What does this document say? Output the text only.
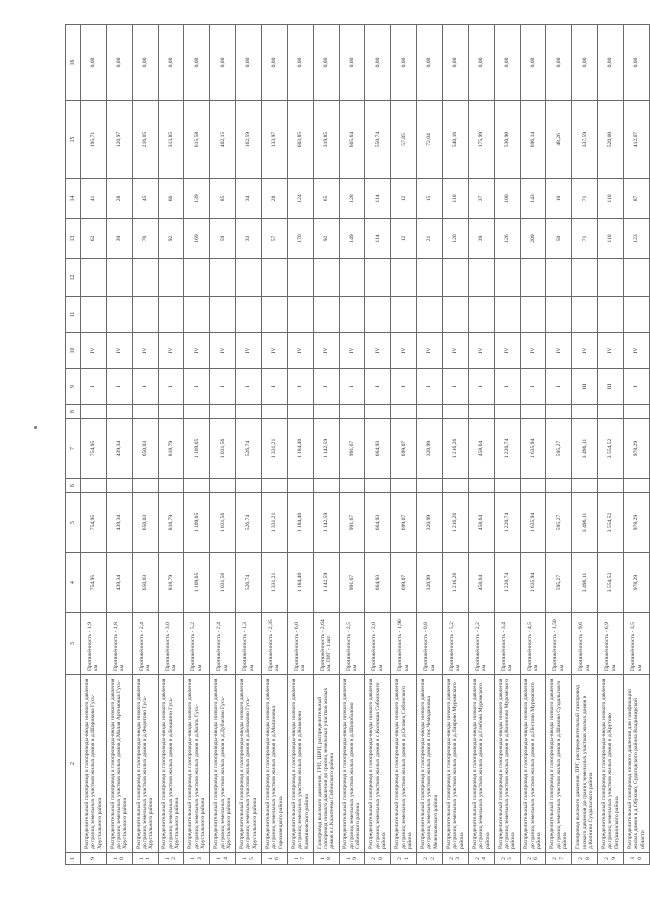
1	2	3	4	5	6	7	8	9	10	11	12	13	14	15	16
9	Распределительный газопровод и газопроводы-вводы низкого давления до границ земельных участков жилых домов в д.Шорикова Гусь-Хрустального района	Протяжённость - 1,9 км	754,95	754,95		754,95		I	IV			62	41	195,71	0,00
10	Распределительный газопровод и газопроводы-вводы низкого давления до границ земельных участков жилых домов д.Малая Артемовка Гусь-Хрустального района	Протяжённость - 1,8 км	439,34	439,34		439,34		I	IV			39	28	120,97	0,00
11	Распределительный газопровод и газопроводы-вводы низкого давления до границ земельных участков жилых домов в д.Федотово Гусь-Хрустального района	Протяжённость - 2,4 км	650,03	650,03		650,03		I	IV			76	45	216,05	0,00
12	Распределительный газопровод и газопроводы-вводы низкого давления до границ земельных участков жилых домов в д.Бокшино Гусь-Хрустального района	Протяжённость - 3,0 км	818,79	818,79		818,79		I	IV			92	66	313,85	0,00
13	Распределительный газопровод и газопроводы-вводы низкого давления до границ земельных участков жилых домов в д.Колпь Гусь-Хрустального района	Протяжённость - 5,2 км	1 109,05	1 109,05		1 109,05		I	IV			169	139	615,58	0,00
14	Распределительный газопровод и газопроводы-вводы низкого давления до границ земельных участков жилых домов в д.Дубасово Гусь-Хрустального района	Протяжённость - 2,4 км	1 031,56	1 031,56		1 031,56		I	IV			59	85	402,15	0,00
15	Распределительный газопровод и газопроводы-вводы низкого давления до границ земельных участков жилых домов в д.Бельково Гусь-Хрустального района	Протяжённость - 1,3 км	526,74	526,74		526,74		I	IV			33	34	162,59	0,00
16	Распределительный газопровод и газопроводы-вводы низкого давления до границ земельных участков жилых домов в д.Малиновка Гороховецкого района	Протяжённость - 2,35 км	1 331,21	1 331,21		1 331,21		I	IV			57	28	133,97	0,00
17	Распределительный газопровод и газопроводы-вводы низкого давления до границ земельных участков жилых домов в д.Ковалево Камешковского района	Протяжённость - 6,0 км	1 184,40	1 184,40		1 184,40		I	IV			170	124	603,85	0,00
18	Газопровод высокого давления, ГРП, ШРП, распределительный газопровод низкого давления до границ земельных участков жилых домов в с.Калитеево Собинского района	Протяжённость - 2,64 км, ПРГ - 1 шт.	1 142,59	1 142,59		1 142,59		I	IV			92	65	319,85	0,00
19	Распределительный газопровод и газопроводы-вводы низкого давления до границ земельных участков жилых домов в д.Шихобалово Собинского района	Протяжённость - 2,5 км	991,67	991,67		991,67		I	IV			149	128	605,64	0,00
20	Распределительный газопровод и газопроводы-вводы низкого давления до границ земельных участков жилых домов в с.Колокша Собинского района	Протяжённость - 2,0 км	664,93	664,93		664,93		I	IV			114	114	550,74	0,00
21	Распределительный газопровод и газопроводы-вводы низкого давления до границ земельных участков жилых домов в д.Осовец Собинского района	Протяжённость - 1,90 км	699,07	699,07		699,07		I	IV			12	12	57,85	0,00
22	Распределительный газопровод и газопроводы-вводы низкого давления до границ земельных участков жилых домов в пос.Чемодановка Меленковского района	Протяжённость - 0,8 км	320,99	320,99		320,99		I	IV			21	15	72,04	0,00
23	Распределительный газопровод и газопроводы-вводы низкого давления до границ земельных участков жилых домов в д.Лаврово Муромского района	Протяжённость - 5,2 км	1 216,26	1 216,26		1 216,26		I	IV			120	110	540,16	0,00
24	Распределительный газопровод и газопроводы-вводы низкого давления до границ земельных участков жилых домов в д.Глебово Муромского района	Протяжённость - 2,2 км	458,64	458,64		458,64		I	IV			39	37	175,99	0,00
25	Распределительный газопровод и газопроводы-вводы низкого давления до границ земельных участков жилых домов в д.Кононово Муромского района	Протяжённость - 3,4 км	1 220,74	1 220,74		1 220,74		I	IV			126	100	530,90	0,00
26	Распределительный газопровод и газопроводы-вводы низкого давления до границ земельных участков жилых домов в д.Пестово Муромского района	Протяжённость - 4,5 км	1 635,94	1 635,94		1 635,94		I	IV			209	143	696,14	0,00
27	Распределительный газопровод и газопроводы-вводы низкого давления до границ земельных участков жилых домов в д.Шахово Суздальского района	Протяжённость - 1,50 км	595,27	595,27		595,27		I	IV			50	10	48,26	0,00
28	Газопровод высокого давления, ПРГ, распределительный газопровод низкого давления до границ земельных участков жилых домов в д.Копнино Суздальского района	Протяжённость - 9,6 км	3 496,11	3 496,11		3 496,11		III	IV			71	71	337,59	0,00
29	Распределительный газопровод и газопроводы-вводы низкого давления до границ земельных участков жилых домов в д.Крутово Петушинского района	Протяжённость - 6,9 км	3 554,52	3 554,52		3 554,52		III	IV			110	110	520,00	0,00
30	Распределительный газопровод низкого давления для газификации жилых домов в д.Обухово, Судогодского района Владимирской области	Протяжённость - 3,5 км	978,29	978,29		978,29		I	IV			123	87	412,07	0,00
